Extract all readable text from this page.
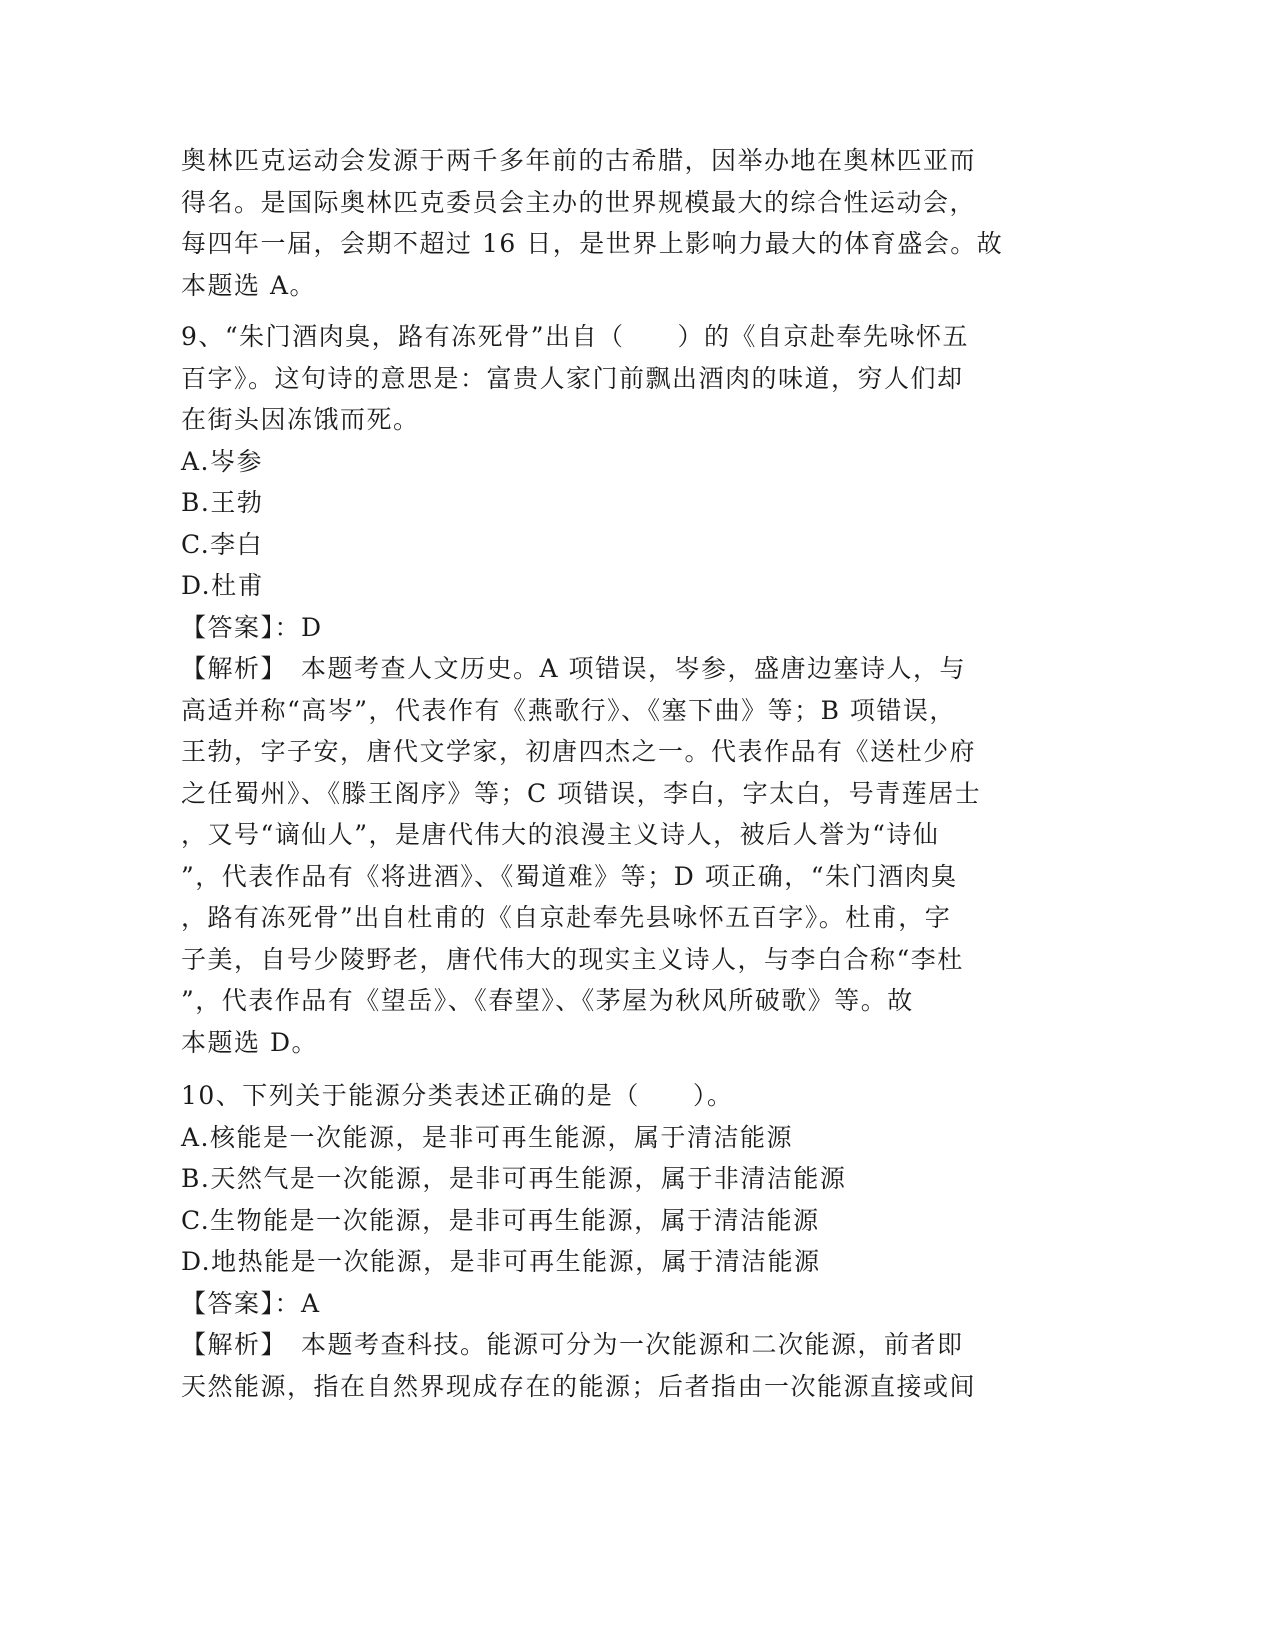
奥林匹克运动会发源于两千多年前的古希腊，因举办地在奥林匹亚而
得名。是国际奥林匹克委员会主办的世界规模最大的综合性运动会，
每四年一届，会期不超过 16 日，是世界上影响力最大的体育盛会。故
本题选 A。
9、“朱门酒肉臭，路有冻死骨”出自（　　）的《自京赴奉先咏怀五
百字》。这句诗的意思是：富贵人家门前飘出酒肉的味道，穷人们却
在街头因冻饿而死。
A.岑参
B.王勃
C.李白
D.杜甫
【答案】：D
【解析】　本题考查人文历史。A 项错误，岑参，盛唐边塞诗人，与
高适并称“高岑”，代表作有《燕歌行》、《塞下曲》等；B 项错误，
王勃，字子安，唐代文学家，初唐四杰之一。代表作品有《送杜少府
之任蜀州》、《滕王阁序》等；C 项错误，李白，字太白，号青莲居士
，又号“谪仙人”，是唐代伟大的浪漫主义诗人，被后人誉为“诗仙
”，代表作品有《将进酒》、《蜀道难》等；D 项正确，“朱门酒肉臭
，路有冻死骨”出自杜甫的《自京赴奉先县咏怀五百字》。杜甫，字
子美，自号少陵野老，唐代伟大的现实主义诗人，与李白合称“李杜
”，代表作品有《望岳》、《春望》、《茅屋为秋风所破歌》等。故
本题选 D。
10、下列关于能源分类表述正确的是（　　）。
A.核能是一次能源，是非可再生能源，属于清洁能源
B.天然气是一次能源，是非可再生能源，属于非清洁能源
C.生物能是一次能源，是非可再生能源，属于清洁能源
D.地热能是一次能源，是非可再生能源，属于清洁能源
【答案】：A
【解析】　本题考查科技。能源可分为一次能源和二次能源，前者即
天然能源，指在自然界现成存在的能源；后者指由一次能源直接或间
